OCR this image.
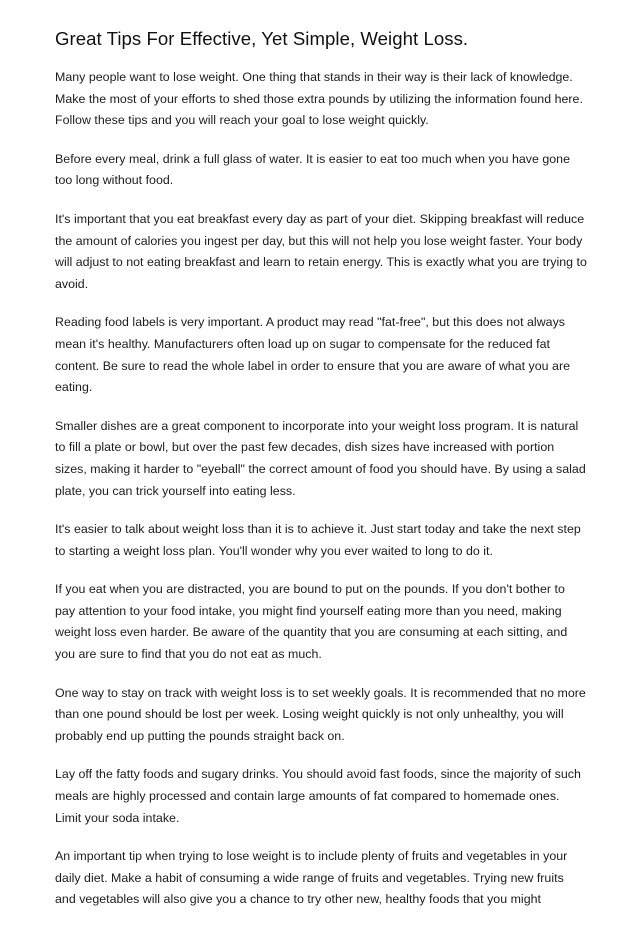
Great Tips For Effective, Yet Simple, Weight Loss.

Many people want to lose weight. One thing that stands in their way is their lack of knowledge. Make the most of your efforts to shed those extra pounds by utilizing the information found here. Follow these tips and you will reach your goal to lose weight quickly.

Before every meal, drink a full glass of water. It is easier to eat too much when you have gone too long without food.

It's important that you eat breakfast every day as part of your diet. Skipping breakfast will reduce the amount of calories you ingest per day, but this will not help you lose weight faster. Your body will adjust to not eating breakfast and learn to retain energy. This is exactly what you are trying to avoid.

Reading food labels is very important. A product may read "fat-free", but this does not always mean it's healthy. Manufacturers often load up on sugar to compensate for the reduced fat content. Be sure to read the whole label in order to ensure that you are aware of what you are eating.

Smaller dishes are a great component to incorporate into your weight loss program. It is natural to fill a plate or bowl, but over the past few decades, dish sizes have increased with portion sizes, making it harder to "eyeball" the correct amount of food you should have. By using a salad plate, you can trick yourself into eating less.

It's easier to talk about weight loss than it is to achieve it. Just start today and take the next step to starting a weight loss plan. You'll wonder why you ever waited to long to do it.

If you eat when you are distracted, you are bound to put on the pounds. If you don't bother to pay attention to your food intake, you might find yourself eating more than you need, making weight loss even harder. Be aware of the quantity that you are consuming at each sitting, and you are sure to find that you do not eat as much.

One way to stay on track with weight loss is to set weekly goals. It is recommended that no more than one pound should be lost per week. Losing weight quickly is not only unhealthy, you will probably end up putting the pounds straight back on.

Lay off the fatty foods and sugary drinks. You should avoid fast foods, since the majority of such meals are highly processed and contain large amounts of fat compared to homemade ones. Limit your soda intake.

An important tip when trying to lose weight is to include plenty of fruits and vegetables in your daily diet. Make a habit of consuming a wide range of fruits and vegetables. Trying new fruits and vegetables will also give you a chance to try other new, healthy foods that you might
